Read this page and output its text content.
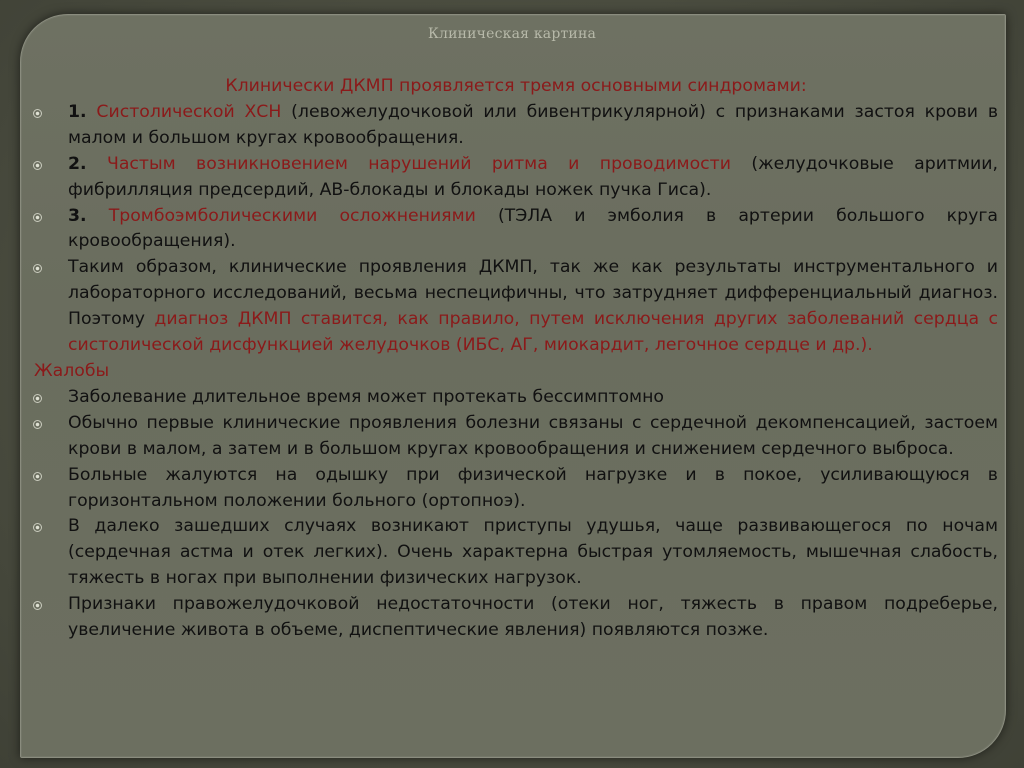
Клиническая картина

Клинически ДКМП проявляется тремя основными синдромами:

1. Систолической ХСН (левожелудочковой или бивентрикулярной) с признаками застоя крови в малом и большом кругах кровообращения.

2. Частым возникновением нарушений ритма и проводимости (желудочковые аритмии, фибрилляция предсердий, АВ-блокады и блокады ножек пучка Гиса).

3. Тромбоэмболическими осложнениями (ТЭЛА и эмболия в артерии большого круга кровообращения).

Таким образом, клинические проявления ДКМП, так же как результаты инструментального и лабораторного исследований, весьма неспецифичны, что затрудняет дифференциальный диагноз. Поэтому диагноз ДКМП ставится, как правило, путем исключения других заболеваний сердца с систолической дисфункцией желудочков (ИБС, АГ, миокардит, легочное сердце и др.).

Жалобы

Заболевание длительное время может протекать бессимптомно

Обычно первые клинические проявления болезни связаны с сердечной декомпенсацией, застоем крови в малом, а затем и в большом кругах кровообращения и снижением сердечного выброса.

Больные жалуются на одышку при физической нагрузке и в покое, усиливающуюся в горизонтальном положении больного (ортопноэ).

В далеко зашедших случаях возникают приступы удушья, чаще развивающегося по ночам (сердечная астма и отек легких). Очень характерна быстрая утомляемость, мышечная слабость, тяжесть в ногах при выполнении физических нагрузок.

Признаки правожелудочковой недостаточности (отеки ног, тяжесть в правом подреберье, увеличение живота в объеме, диспептические явления) появляются позже.
